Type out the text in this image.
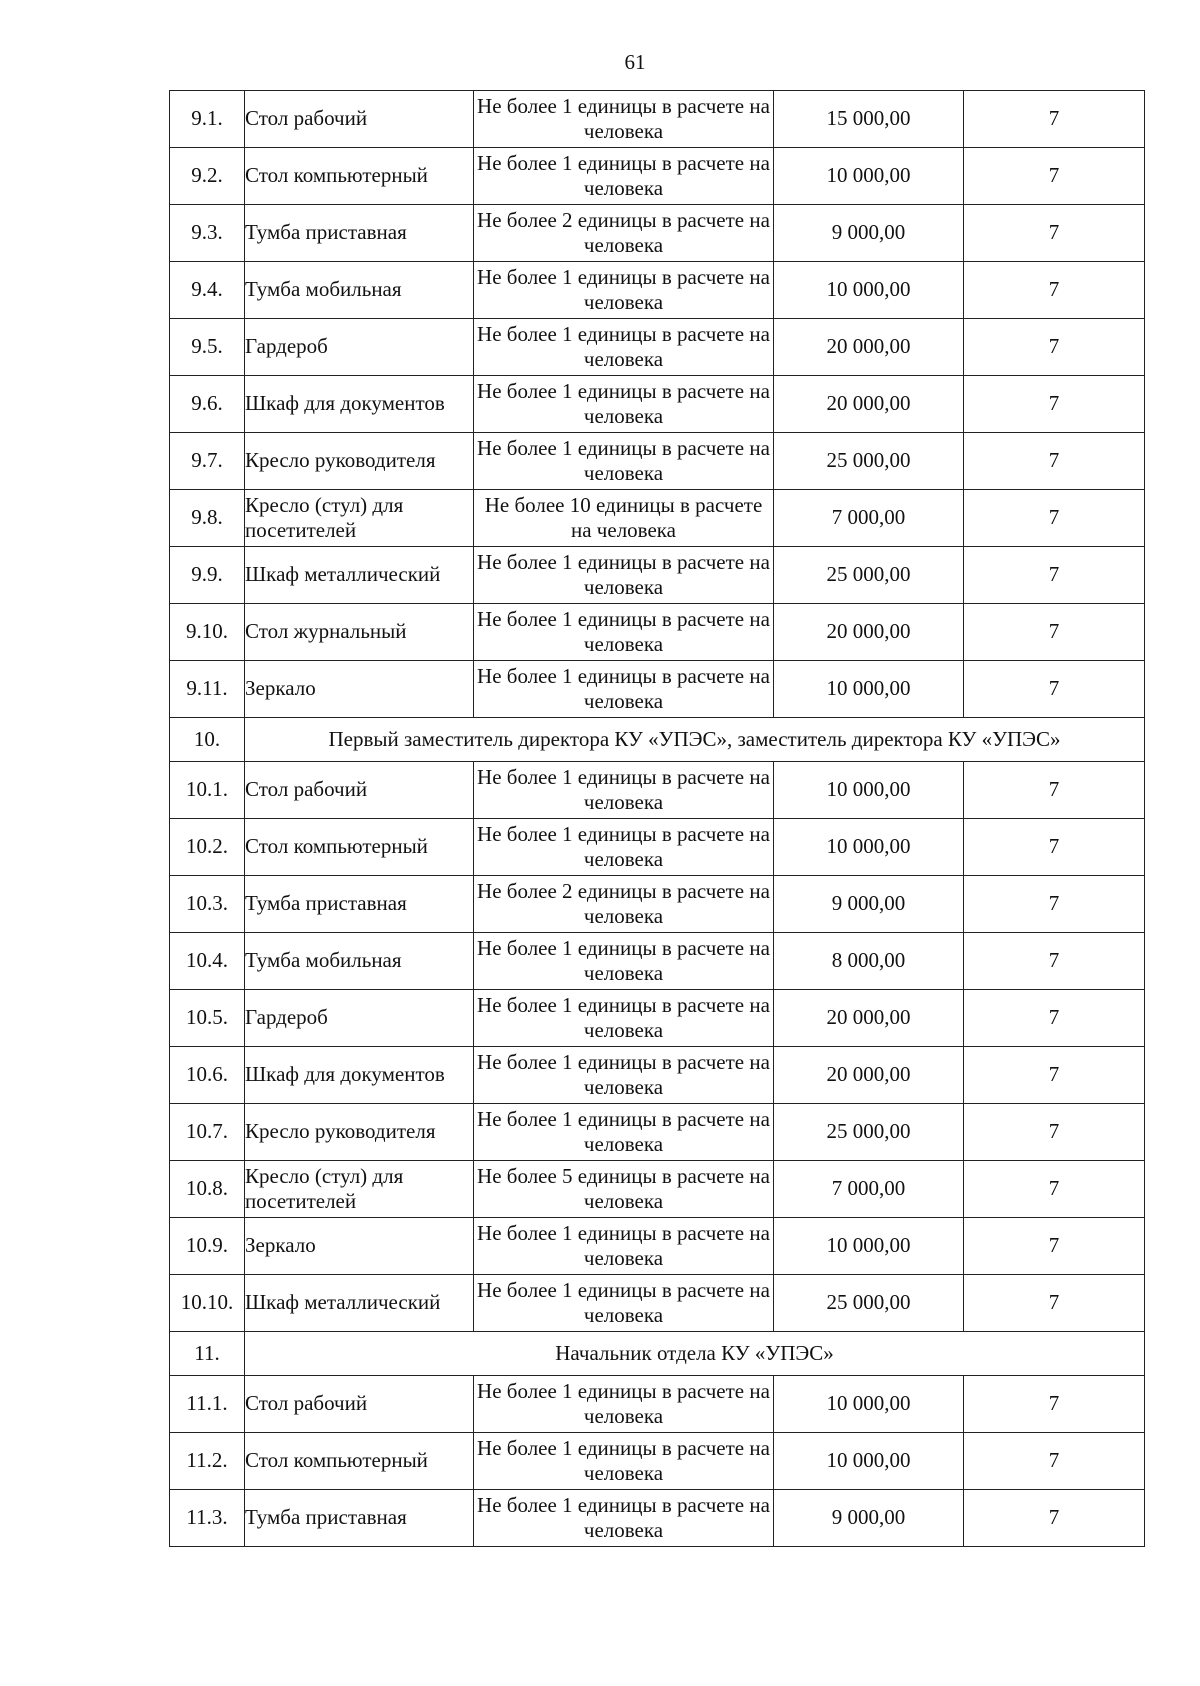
61
9.1.	Стол рабочий	Не более 1 единицы в расчете на человека	15 000,00	7
9.2.	Стол компьютерный	Не более 1 единицы в расчете на человека	10 000,00	7
9.3.	Тумба приставная	Не более 2 единицы в расчете на человека	9 000,00	7
9.4.	Тумба мобильная	Не более 1 единицы в расчете на человека	10 000,00	7
9.5.	Гардероб	Не более 1 единицы в расчете на человека	20 000,00	7
9.6.	Шкаф для документов	Не более 1 единицы в расчете на человека	20 000,00	7
9.7.	Кресло руководителя	Не более 1 единицы в расчете на человека	25 000,00	7
9.8.	Кресло (стул) для посетителей	Не более 10 единицы в расчете на человека	7 000,00	7
9.9.	Шкаф металлический	Не более 1 единицы в расчете на человека	25 000,00	7
9.10.	Стол журнальный	Не более 1 единицы в расчете на человека	20 000,00	7
9.11.	Зеркало	Не более 1 единицы в расчете на человека	10 000,00	7
10.	Первый заместитель директора КУ «УПЭС», заместитель директора КУ «УПЭС»			
10.1.	Стол рабочий	Не более 1 единицы в расчете на человека	10 000,00	7
10.2.	Стол компьютерный	Не более 1 единицы в расчете на человека	10 000,00	7
10.3.	Тумба приставная	Не более 2 единицы в расчете на человека	9 000,00	7
10.4.	Тумба мобильная	Не более 1 единицы в расчете на человека	8 000,00	7
10.5.	Гардероб	Не более 1 единицы в расчете на человека	20 000,00	7
10.6.	Шкаф для документов	Не более 1 единицы в расчете на человека	20 000,00	7
10.7.	Кресло руководителя	Не более 1 единицы в расчете на человека	25 000,00	7
10.8.	Кресло (стул) для посетителей	Не более 5 единицы в расчете на человека	7 000,00	7
10.9.	Зеркало	Не более 1 единицы в расчете на человека	10 000,00	7
10.10.	Шкаф металлический	Не более 1 единицы в расчете на человека	25 000,00	7
11.	Начальник отдела КУ «УПЭС»			
11.1.	Стол рабочий	Не более 1 единицы в расчете на человека	10 000,00	7
11.2.	Стол компьютерный	Не более 1 единицы в расчете на человека	10 000,00	7
11.3.	Тумба приставная	Не более 1 единицы в расчете на человека	9 000,00	7
